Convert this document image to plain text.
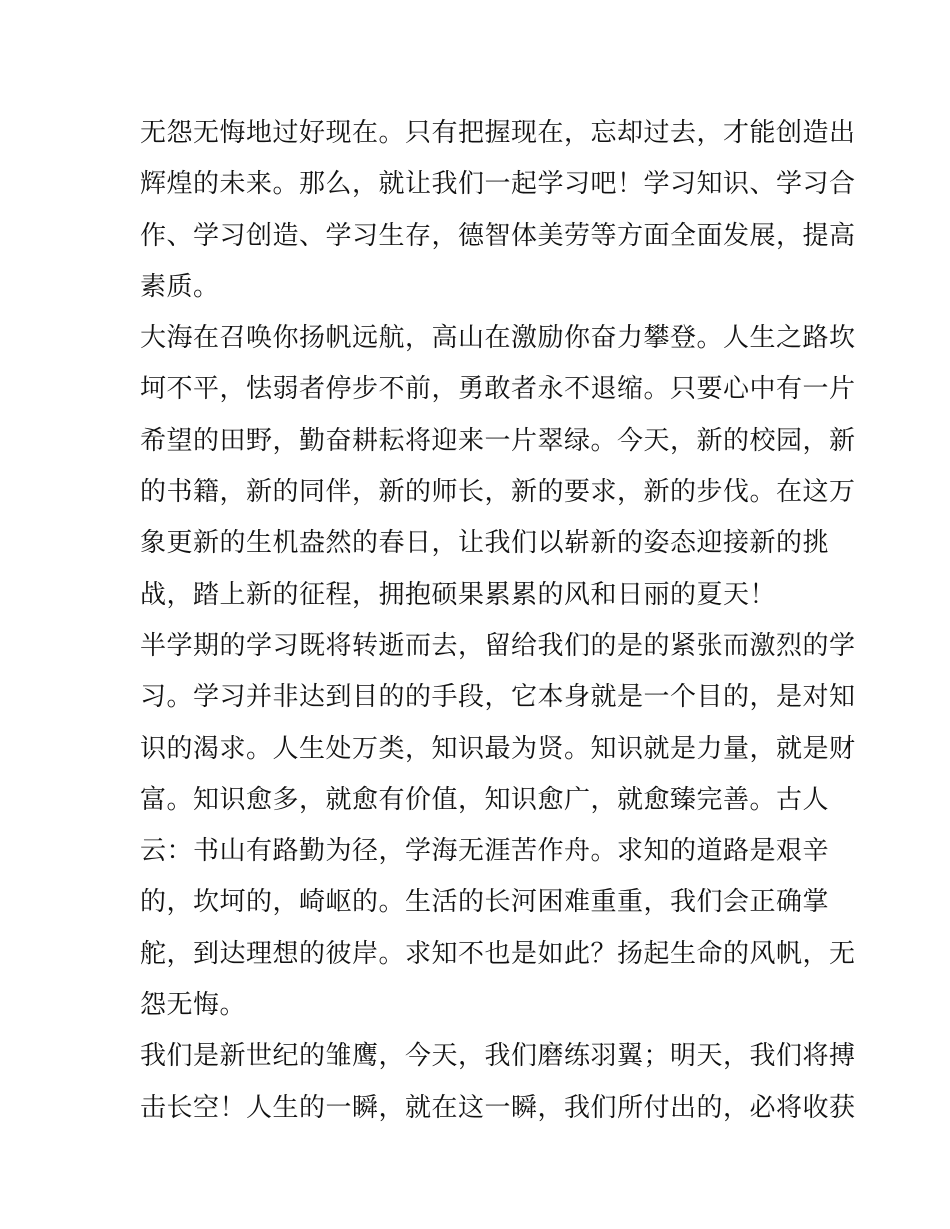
无怨无悔地过好现在。只有把握现在，忘却过去，才能创造出
辉煌的未来。那么，就让我们一起学习吧！学习知识、学习合
作、学习创造、学习生存，德智体美劳等方面全面发展，提高
素质。
大海在召唤你扬帆远航，高山在激励你奋力攀登。人生之路坎
坷不平，怯弱者停步不前，勇敢者永不退缩。只要心中有一片
希望的田野，勤奋耕耘将迎来一片翠绿。今天，新的校园，新
的书籍，新的同伴，新的师长，新的要求，新的步伐。在这万
象更新的生机盎然的春日，让我们以崭新的姿态迎接新的挑
战，踏上新的征程，拥抱硕果累累的风和日丽的夏天！
半学期的学习既将转逝而去，留给我们的是的紧张而激烈的学
习。学习并非达到目的的手段，它本身就是一个目的，是对知
识的渴求。人生处万类，知识最为贤。知识就是力量，就是财
富。知识愈多，就愈有价值，知识愈广，就愈臻完善。古人
云：书山有路勤为径，学海无涯苦作舟。求知的道路是艰辛
的，坎坷的，崎岖的。生活的长河困难重重，我们会正确掌
舵，到达理想的彼岸。求知不也是如此？扬起生命的风帆，无
怨无悔。
我们是新世纪的雏鹰，今天，我们磨练羽翼；明天，我们将搏
击长空！人生的一瞬，就在这一瞬，我们所付出的，必将收获
